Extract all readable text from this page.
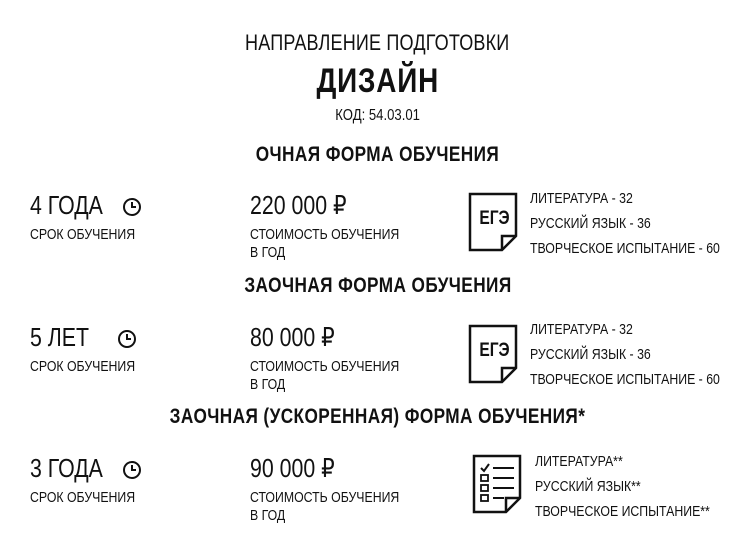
НАПРАВЛЕНИЕ ПОДГОТОВКИ
ДИЗАЙН
КОД: 54.03.01
ОЧНАЯ ФОРМА ОБУЧЕНИЯ
4 ГОДА
СРОК ОБУЧЕНИЯ
220 000 ₽
СТОИМОСТЬ ОБУЧЕНИЯ
В ГОД
ЕГЭ
ЛИТЕРАТУРА - 32
РУССКИЙ ЯЗЫК - 36
ТВОРЧЕСКОЕ ИСПЫТАНИЕ - 60
ЗАОЧНАЯ ФОРМА ОБУЧЕНИЯ
5 ЛЕТ
СРОК ОБУЧЕНИЯ
80 000 ₽
СТОИМОСТЬ ОБУЧЕНИЯ
В ГОД
ЕГЭ
ЛИТЕРАТУРА - 32
РУССКИЙ ЯЗЫК - 36
ТВОРЧЕСКОЕ ИСПЫТАНИЕ - 60
ЗАОЧНАЯ (УСКОРЕННАЯ) ФОРМА ОБУЧЕНИЯ*
3 ГОДА
СРОК ОБУЧЕНИЯ
90 000 ₽
СТОИМОСТЬ ОБУЧЕНИЯ
В ГОД
ЛИТЕРАТУРА**
РУССКИЙ ЯЗЫК**
ТВОРЧЕСКОЕ ИСПЫТАНИЕ**
